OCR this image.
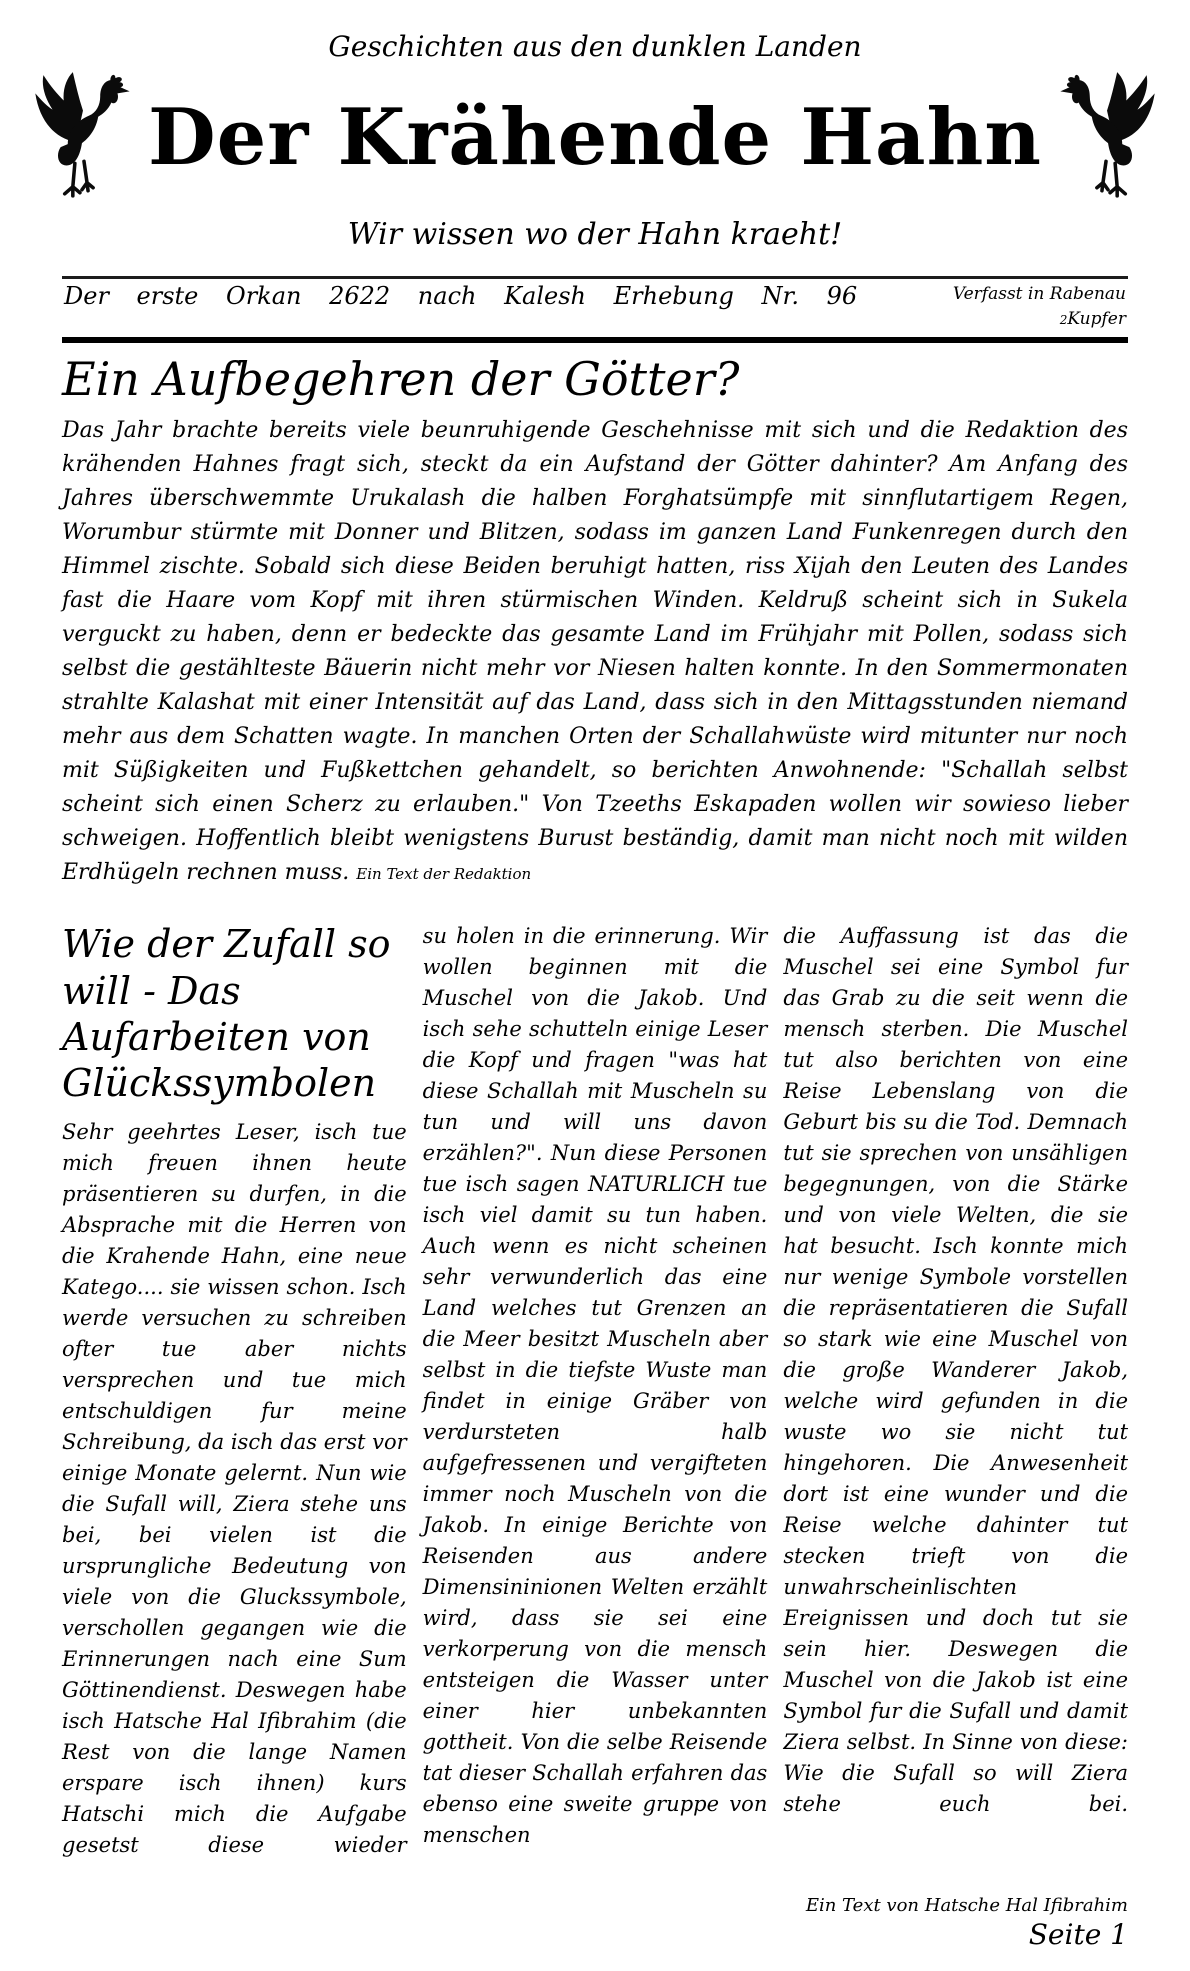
Geschichten aus den dunklen Landen
Der Krähende Hahn
Wir wissen wo der Hahn kraeht!
Der erste Orkan 2622 nach Kalesh Erhebung Nr. 96	Verfasst in Rabenau
2Kupfer
Ein Aufbegehren der Götter?

Das Jahr brachte bereits viele beunruhigende Geschehnisse mit sich und die Redaktion des krähenden Hahnes fragt sich, steckt da ein Aufstand der Götter dahinter? Am Anfang des Jahres überschwemmte Urukalash die halben Forghatsümpfe mit sinnflutartigem Regen, Worumbur stürmte mit Donner und Blitzen, sodass im ganzen Land Funkenregen durch den Himmel zischte. Sobald sich diese Beiden beruhigt hatten, riss Xijah den Leuten des Landes fast die Haare vom Kopf mit ihren stürmischen Winden. Keldruß scheint sich in Sukela verguckt zu haben, denn er bedeckte das gesamte Land im Frühjahr mit Pollen, sodass sich selbst die gestählteste Bäuerin nicht mehr vor Niesen halten konnte. In den Sommermonaten strahlte Kalashat mit einer Intensität auf das Land, dass sich in den Mittagsstunden niemand mehr aus dem Schatten wagte. In manchen Orten der Schallahwüste wird mitunter nur noch mit Süßigkeiten und Fußkettchen gehandelt, so berichten Anwohnende: "Schallah selbst scheint sich einen Scherz zu erlauben." Von Tzeeths Eskapaden wollen wir sowieso lieber schweigen. Hoffentlich bleibt wenigstens Burust beständig, damit man nicht noch mit wilden Erdhügeln rechnen muss. Ein Text der Redaktion

Wie der Zufall so will - Das Aufarbeiten von Glückssymbolen
Sehr geehrtes Leser, isch tue mich freuen ihnen heute präsentieren su durfen, in die Absprache mit die Herren von die Krahende Hahn, eine neue Katego.... sie wissen schon. Isch werde versuchen zu schreiben ofter tue aber nichts versprechen und tue mich entschuldigen fur meine Schreibung, da isch das erst vor einige Monate gelernt. Nun wie die Sufall will, Ziera stehe uns bei, bei vielen ist die ursprungliche Bedeutung von viele von die Gluckssymbole, verschollen gegangen wie die Erinnerungen nach eine Sum Göttinendienst. Deswegen habe isch Hatsche Hal Ifibrahim (die Rest von die lange Namen erspare isch ihnen) kurs Hatschi mich die Aufgabe gesetst diese wieder
su holen in die erinnerung. Wir wollen beginnen mit die Muschel von die Jakob. Und isch sehe schutteln einige Leser die Kopf und fragen "was hat diese Schallah mit Muscheln su tun und will uns davon erzählen?". Nun diese Personen tue isch sagen NATURLICH tue isch viel damit su tun haben. Auch wenn es nicht scheinen sehr verwunderlich das eine Land welches tut Grenzen an die Meer besitzt Muscheln aber selbst in die tiefste Wuste man findet in einige Gräber von verdursteten halb aufgefressenen und vergifteten immer noch Muscheln von die Jakob. In einige Berichte von Reisenden aus andere Dimensininionen Welten erzählt wird, dass sie sei eine verkorperung von die mensch entsteigen die Wasser unter einer hier unbekannten gottheit. Von die selbe Reisende tat dieser Schallah erfahren das ebenso eine sweite gruppe von menschen
die Auffassung ist das die Muschel sei eine Symbol fur das Grab zu die seit wenn die mensch sterben. Die Muschel tut also berichten von eine Reise Lebenslang von die Geburt bis su die Tod. Demnach tut sie sprechen von unsähligen begegnungen, von die Stärke und von viele Welten, die sie hat besucht. Isch konnte mich nur wenige Symbole vorstellen die repräsentatieren die Sufall so stark wie eine Muschel von die große Wanderer Jakob, welche wird gefunden in die wuste wo sie nicht tut hingehoren. Die Anwesenheit dort ist eine wunder und die Reise welche dahinter tut stecken trieft von die unwahrscheinlischten Ereignissen und doch tut sie sein hier. Deswegen die Muschel von die Jakob ist eine Symbol fur die Sufall und damit Ziera selbst. In Sinne von diese: Wie die Sufall so will Ziera stehe euch bei.
Ein Text von Hatsche Hal Ifibrahim
Seite 1
